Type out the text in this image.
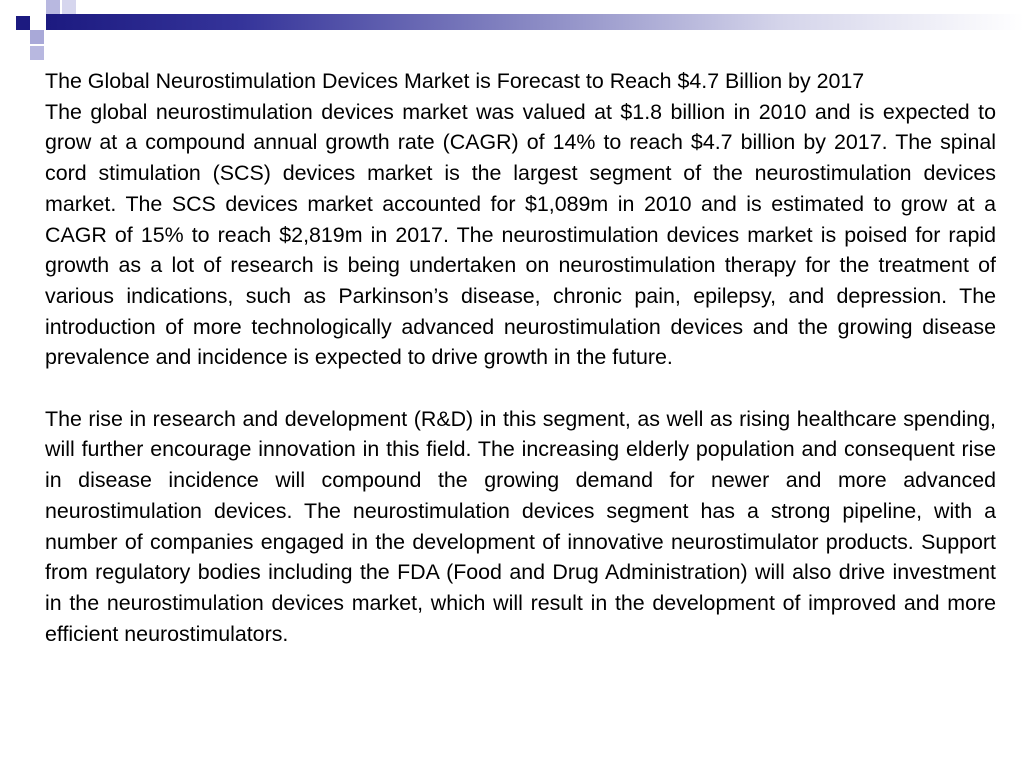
The Global Neurostimulation Devices Market is Forecast to Reach $4.7 Billion by 2017

The global neurostimulation devices market was valued at $1.8 billion in 2010 and is expected to grow at a compound annual growth rate (CAGR) of 14% to reach $4.7 billion by 2017. The spinal cord stimulation (SCS) devices market is the largest segment of the neurostimulation devices market. The SCS devices market accounted for $1,089m in 2010 and is estimated to grow at a CAGR of 15% to reach $2,819m in 2017. The neurostimulation devices market is poised for rapid growth as a lot of research is being undertaken on neurostimulation therapy for the treatment of various indications, such as Parkinson’s disease, chronic pain, epilepsy, and depression. The introduction of more technologically advanced neurostimulation devices and the growing disease prevalence and incidence is expected to drive growth in the future.

The rise in research and development (R&D) in this segment, as well as rising healthcare spending, will further encourage innovation in this field. The increasing elderly population and consequent rise in disease incidence will compound the growing demand for newer and more advanced neurostimulation devices. The neurostimulation devices segment has a strong pipeline, with a number of companies engaged in the development of innovative neurostimulator products. Support from regulatory bodies including the FDA (Food and Drug Administration) will also drive investment in the neurostimulation devices market, which will result in the development of improved and more efficient neurostimulators.
